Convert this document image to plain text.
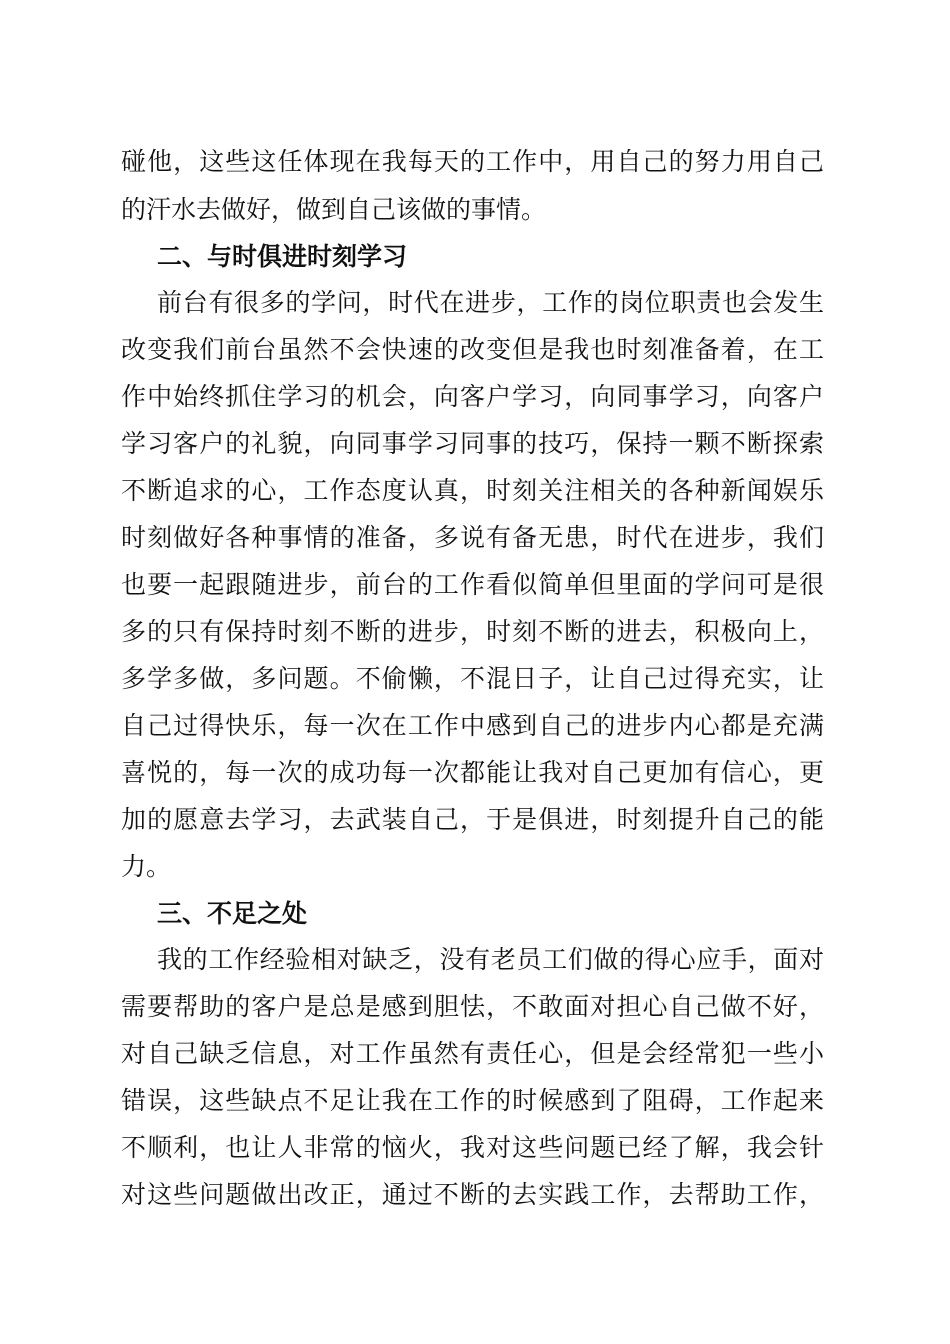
碰他，这些这任体现在我每天的工作中，用自己的努力用自己
的汗水去做好，做到自己该做的事情。
二、与时俱进时刻学习
前台有很多的学问，时代在进步，工作的岗位职责也会发生
改变我们前台虽然不会快速的改变但是我也时刻准备着，在工
作中始终抓住学习的机会，向客户学习，向同事学习，向客户
学习客户的礼貌，向同事学习同事的技巧，保持一颗不断探索
不断追求的心，工作态度认真，时刻关注相关的各种新闻娱乐
时刻做好各种事情的准备，多说有备无患，时代在进步，我们
也要一起跟随进步，前台的工作看似简单但里面的学问可是很
多的只有保持时刻不断的进步，时刻不断的进去，积极向上，
多学多做，多问题。不偷懒，不混日子，让自己过得充实，让
自己过得快乐，每一次在工作中感到自己的进步内心都是充满
喜悦的，每一次的成功每一次都能让我对自己更加有信心，更
加的愿意去学习，去武装自己，于是俱进，时刻提升自己的能
力。
三、不足之处
我的工作经验相对缺乏，没有老员工们做的得心应手，面对
需要帮助的客户是总是感到胆怯，不敢面对担心自己做不好，
对自己缺乏信息，对工作虽然有责任心，但是会经常犯一些小
错误，这些缺点不足让我在工作的时候感到了阻碍，工作起来
不顺利，也让人非常的恼火，我对这些问题已经了解，我会针
对这些问题做出改正，通过不断的去实践工作，去帮助工作，
